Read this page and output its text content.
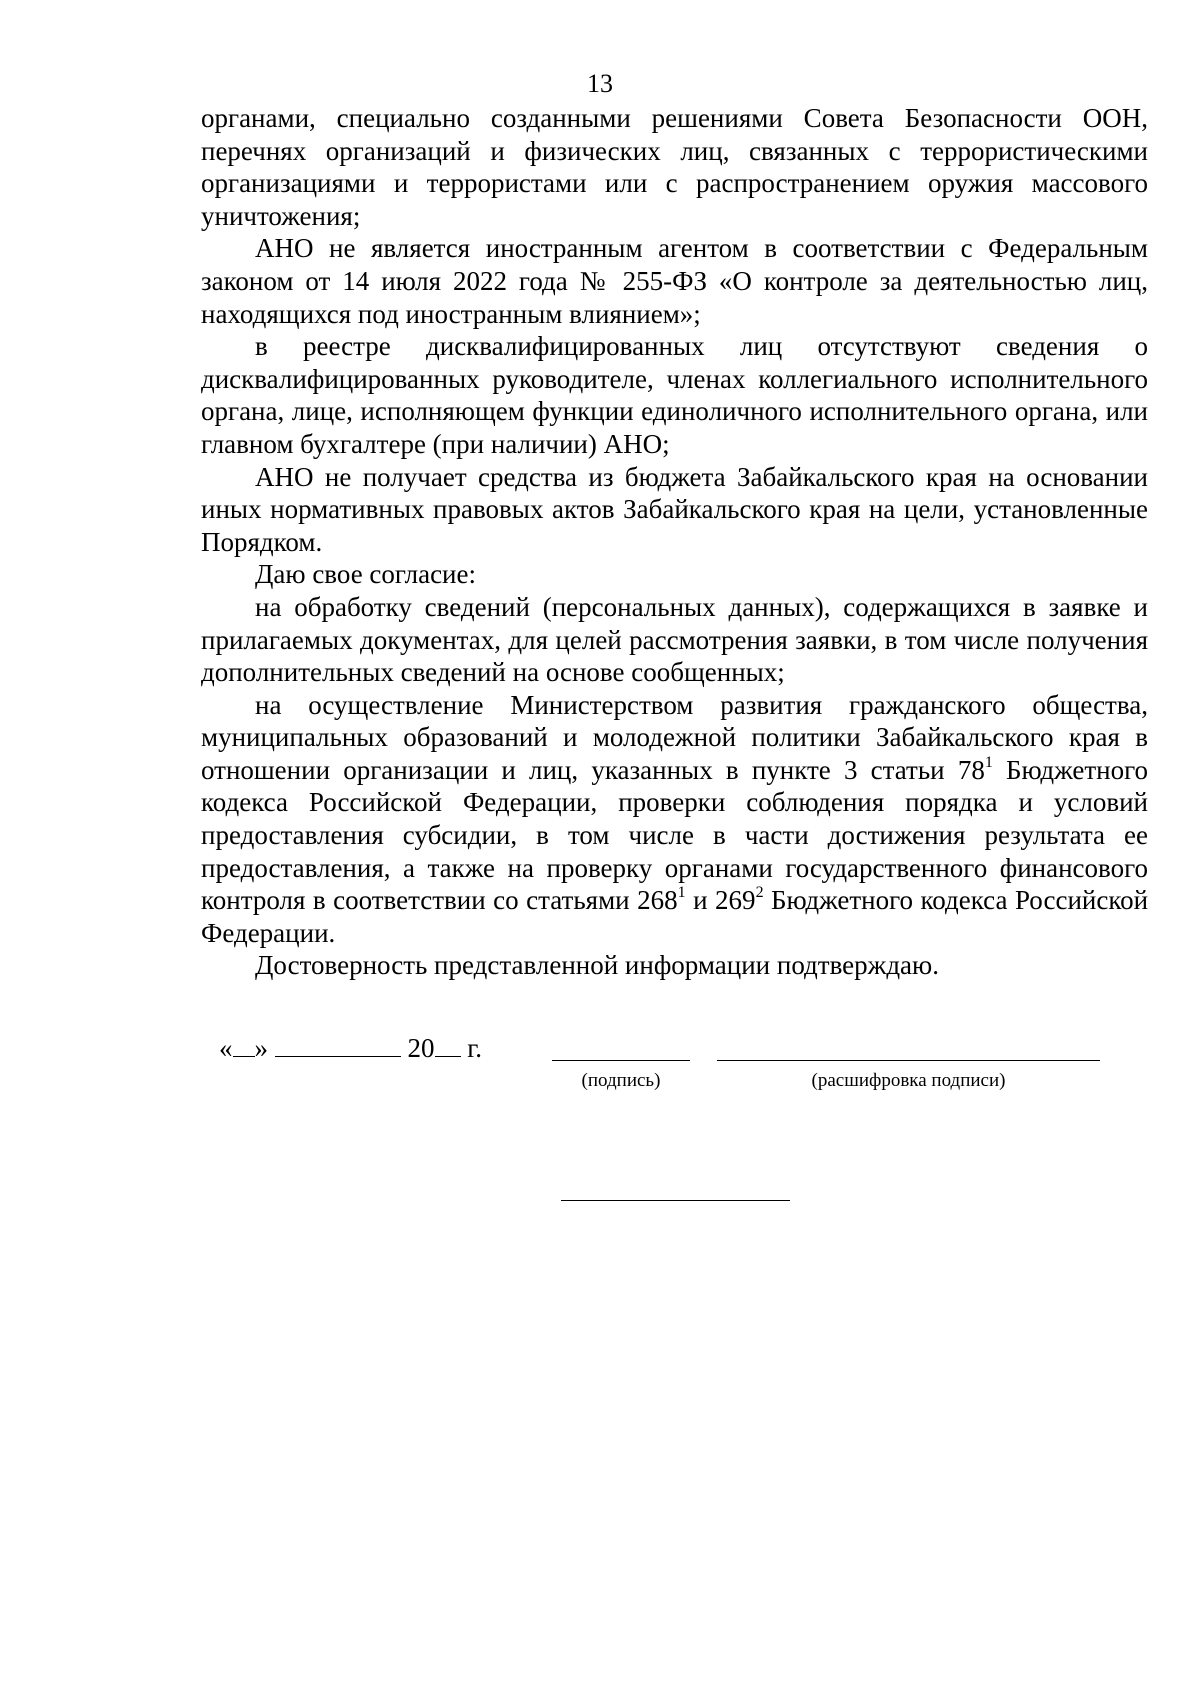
13

органами, специально созданными решениями Совета Безопасности ООН, перечнях организаций и физических лиц, связанных с террористическими организациями и террористами или с распространением оружия массового уничтожения;

АНО не является иностранным агентом в соответствии с Федеральным законом от 14 июля 2022 года № 255-ФЗ «О контроле за деятельностью лиц, находящихся под иностранным влиянием»;

в реестре дисквалифицированных лиц отсутствуют сведения о дисквалифицированных руководителе, членах коллегиального исполнительного органа, лице, исполняющем функции единоличного исполнительного органа, или главном бухгалтере (при наличии) АНО;

АНО не получает средства из бюджета Забайкальского края на основании иных нормативных правовых актов Забайкальского края на цели, установленные Порядком.

Даю свое согласие:

на обработку сведений (персональных данных), содержащихся в заявке и прилагаемых документах, для целей рассмотрения заявки, в том числе получения дополнительных сведений на основе сообщенных;

на осуществление Министерством развития гражданского общества, муниципальных образований и молодежной политики Забайкальского края в отношении организации и лиц, указанных в пункте 3 статьи $78^1$ Бюджетного кодекса Российской Федерации, проверки соблюдения порядка и условий предоставления субсидии, в том числе в части достижения результата ее предоставления, а также на проверку органами государственного финансового контроля в соответствии со статьями $268^1$ и $269^2$ Бюджетного кодекса Российской Федерации.

Достоверность представленной информации подтверждаю.

« »	20 г.
(подпись)	(расшифровка подписи)
